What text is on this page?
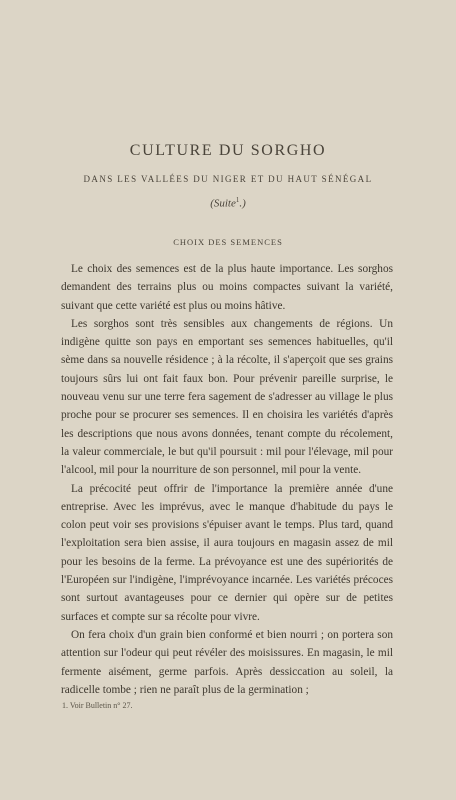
CULTURE DU SORGHO
DANS LES VALLÉES DU NIGER ET DU HAUT SÉNÉGAL
(Suite$^1$.)
CHOIX DES SEMENCES

Le choix des semences est de la plus haute importance. Les sorghos demandent des terrains plus ou moins compactes suivant la variété, suivant que cette variété est plus ou moins hâtive.

Les sorghos sont très sensibles aux changements de régions. Un indigène quitte son pays en emportant ses semences habituelles, qu'il sème dans sa nouvelle résidence ; à la récolte, il s'aperçoit que ses grains toujours sûrs lui ont fait faux bon. Pour prévenir pareille surprise, le nouveau venu sur une terre fera sagement de s'adresser au village le plus proche pour se procurer ses semences. Il en choisira les variétés d'après les descriptions que nous avons données, tenant compte du récolement, la valeur commerciale, le but qu'il poursuit : mil pour l'élevage, mil pour l'alcool, mil pour la nourriture de son personnel, mil pour la vente.

La précocité peut offrir de l'importance la première année d'une entreprise. Avec les imprévus, avec le manque d'habitude du pays le colon peut voir ses provisions s'épuiser avant le temps. Plus tard, quand l'exploitation sera bien assise, il aura toujours en magasin assez de mil pour les besoins de la ferme. La prévoyance est une des supériorités de l'Européen sur l'indigène, l'imprévoyance incarnée. Les variétés précoces sont surtout avantageuses pour ce dernier qui opère sur de petites surfaces et compte sur sa récolte pour vivre.

On fera choix d'un grain bien conformé et bien nourri ; on portera son attention sur l'odeur qui peut révéler des moisissures. En magasin, le mil fermente aisément, germe parfois. Après dessiccation au soleil, la radicelle tombe ; rien ne paraît plus de la germination ;

1. Voir Bulletin n° 27.
